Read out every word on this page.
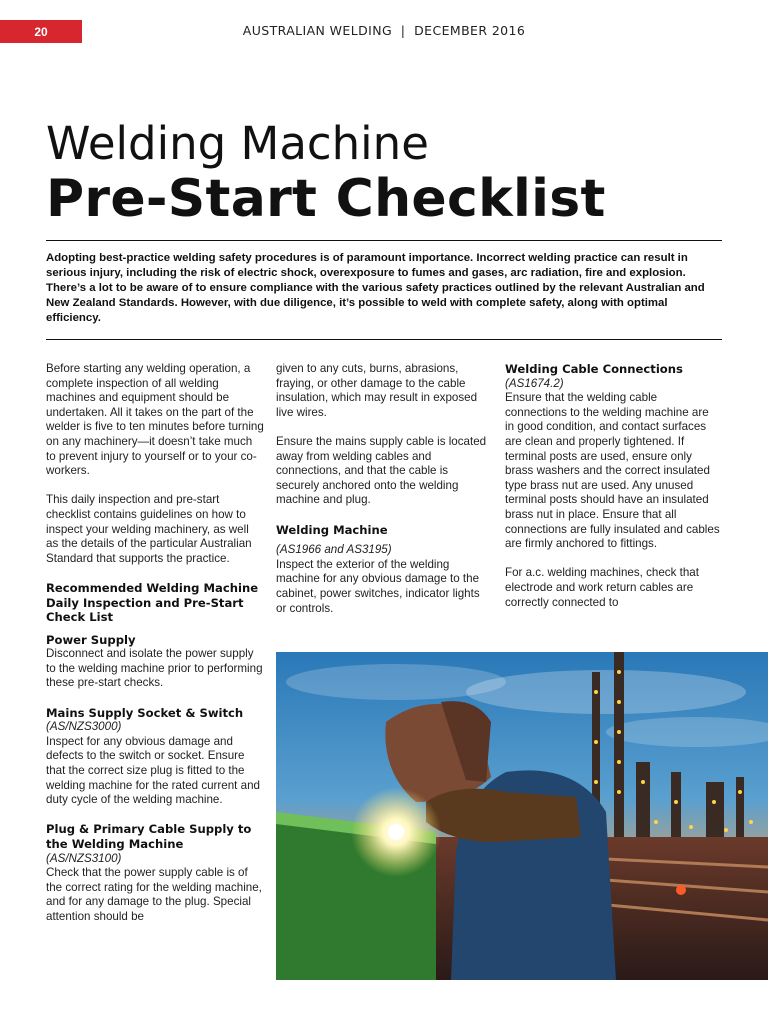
20	AUSTRALIAN WELDING  |  DECEMBER 2016
Welding Machine
Pre-Start Checklist
Adopting best-practice welding safety procedures is of paramount importance. Incorrect welding practice can result in serious injury, including the risk of electric shock, overexposure to fumes and gases, arc radiation, fire and explosion. There’s a lot to be aware of to ensure compliance with the various safety practices outlined by the relevant Australian and New Zealand Standards. However, with due diligence, it’s possible to weld with complete safety, along with optimal efficiency.

Before starting any welding operation, a complete inspection of all welding machines and equipment should be undertaken. All it takes on the part of the welder is five to ten minutes before turning on any machinery—it doesn’t take much to prevent injury to yourself or to your co-workers.

This daily inspection and pre-start checklist contains guidelines on how to inspect your welding machinery, as well as the details of the particular Australian Standard that supports the practice.

Recommended Welding Machine Daily Inspection and Pre-Start Check List

Power Supply

Disconnect and isolate the power supply to the welding machine prior to performing these pre-start checks.

Mains Supply Socket & Switch

(AS/NZS3000)

Inspect for any obvious damage and defects to the switch or socket. Ensure that the correct size plug is fitted to the welding machine for the rated current and duty cycle of the welding machine.

Plug & Primary Cable Supply to the Welding Machine

(AS/NZS3100)

Check that the power supply cable is of the correct rating for the welding machine, and for any damage to the plug. Special attention should be

given to any cuts, burns, abrasions, fraying, or other damage to the cable insulation, which may result in exposed live wires.

Ensure the mains supply cable is located away from welding cables and connections, and that the cable is securely anchored onto the welding machine and plug.

Welding Machine

(AS1966 and AS3195)

Inspect the exterior of the welding machine for any obvious damage to the cabinet, power switches, indicator lights or controls.

Welding Cable Connections

(AS1674.2)

Ensure that the welding cable connections to the welding machine are in good condition, and contact surfaces are clean and properly tightened. If terminal posts are used, ensure only brass washers and the correct insulated type brass nut are used. Any unused terminal posts should have an insulated brass nut in place. Ensure that all connections are fully insulated and cables are firmly anchored to fittings.

For a.c. welding machines, check that electrode and work return cables are correctly connected to
